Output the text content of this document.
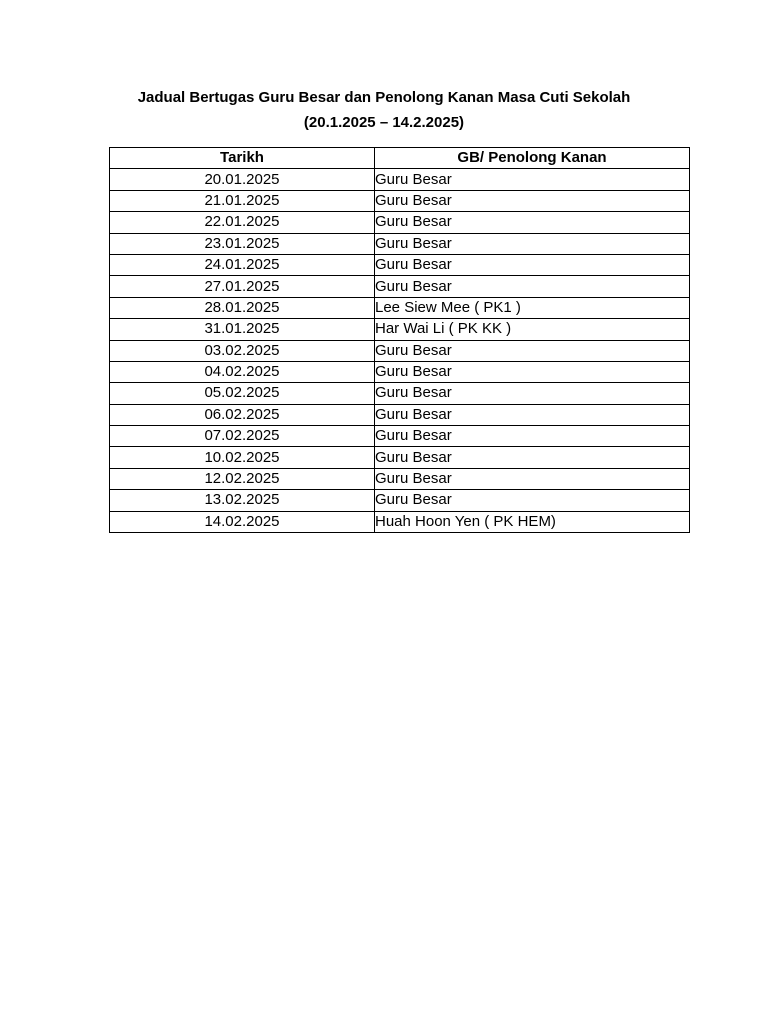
Jadual Bertugas Guru Besar dan Penolong Kanan Masa Cuti Sekolah
(20.1.2025 – 14.2.2025)
Tarikh	GB/ Penolong Kanan
20.01.2025	Guru Besar
21.01.2025	Guru Besar
22.01.2025	Guru Besar
23.01.2025	Guru Besar
24.01.2025	Guru Besar
27.01.2025	Guru Besar
28.01.2025	Lee Siew Mee ( PK1 )
31.01.2025	Har Wai Li ( PK KK )
03.02.2025	Guru Besar
04.02.2025	Guru Besar
05.02.2025	Guru Besar
06.02.2025	Guru Besar
07.02.2025	Guru Besar
10.02.2025	Guru Besar
12.02.2025	Guru Besar
13.02.2025	Guru Besar
14.02.2025	Huah Hoon Yen ( PK HEM)
